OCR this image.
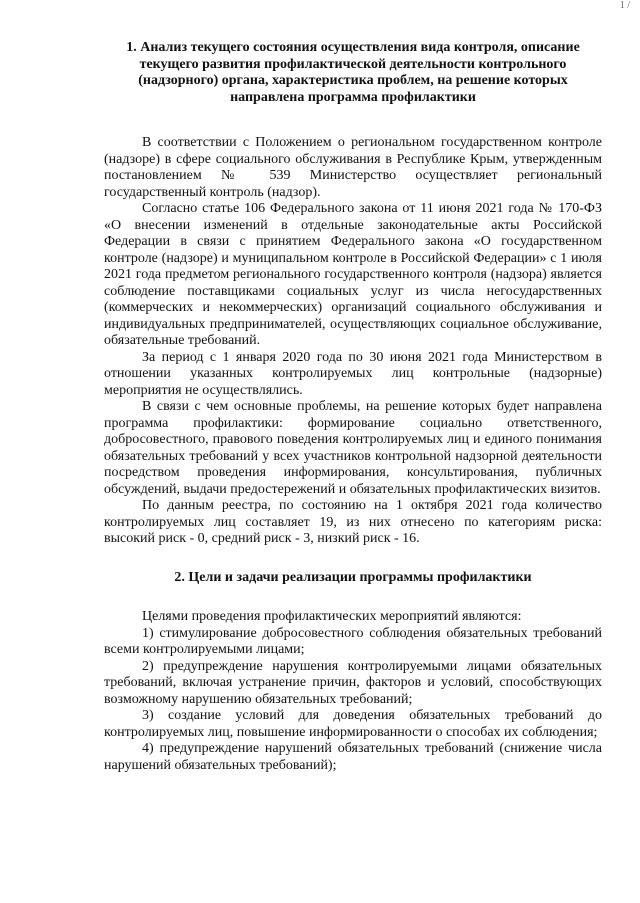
1 /
1. Анализ текущего состояния осуществления вида контроля, описание текущего развития профилактической деятельности контрольного (надзорного) органа, характеристика проблем, на решение которых направлена программа профилактики

В соответствии с Положением о региональном государственном контроле (надзоре) в сфере социального обслуживания в Республике Крым, утвержденным постановлением № 539 Министерство осуществляет региональный государственный контроль (надзор).

Согласно статье 106 Федерального закона от 11 июня 2021 года № 170-ФЗ «О внесении изменений в отдельные законодательные акты Российской Федерации в связи с принятием Федерального закона «О государственном контроле (надзоре) и муниципальном контроле в Российской Федерации» с 1 июля 2021 года предметом регионального государственного контроля (надзора) является соблюдение поставщиками социальных услуг из числа негосударственных (коммерческих и некоммерческих) организаций социального обслуживания и индивидуальных предпринимателей, осуществляющих социальное обслуживание, обязательные требований.

За период с 1 января 2020 года по 30 июня 2021 года Министерством в отношении указанных контролируемых лиц контрольные (надзорные) мероприятия не осуществлялись.

В связи с чем основные проблемы, на решение которых будет направлена программа профилактики: формирование социально ответственного, добросовестного, правового поведения контролируемых лиц и единого понимания обязательных требований у всех участников контрольной надзорной деятельности посредством проведения информирования, консультирования, публичных обсуждений, выдачи предостережений и обязательных профилактических визитов.

По данным реестра, по состоянию на 1 октября 2021 года количество контролируемых лиц составляет 19, из них отнесено по категориям риска: высокий риск - 0, средний риск - 3, низкий риск - 16.

2. Цели и задачи реализации программы профилактики

Целями проведения профилактических мероприятий являются:

1) стимулирование добросовестного соблюдения обязательных требований всеми контролируемыми лицами;

2) предупреждение нарушения контролируемыми лицами обязательных требований, включая устранение причин, факторов и условий, способствующих возможному нарушению обязательных требований;

3) создание условий для доведения обязательных требований до контролируемых лиц, повышение информированности о способах их соблюдения;

4) предупреждение нарушений обязательных требований (снижение числа нарушений обязательных требований);
